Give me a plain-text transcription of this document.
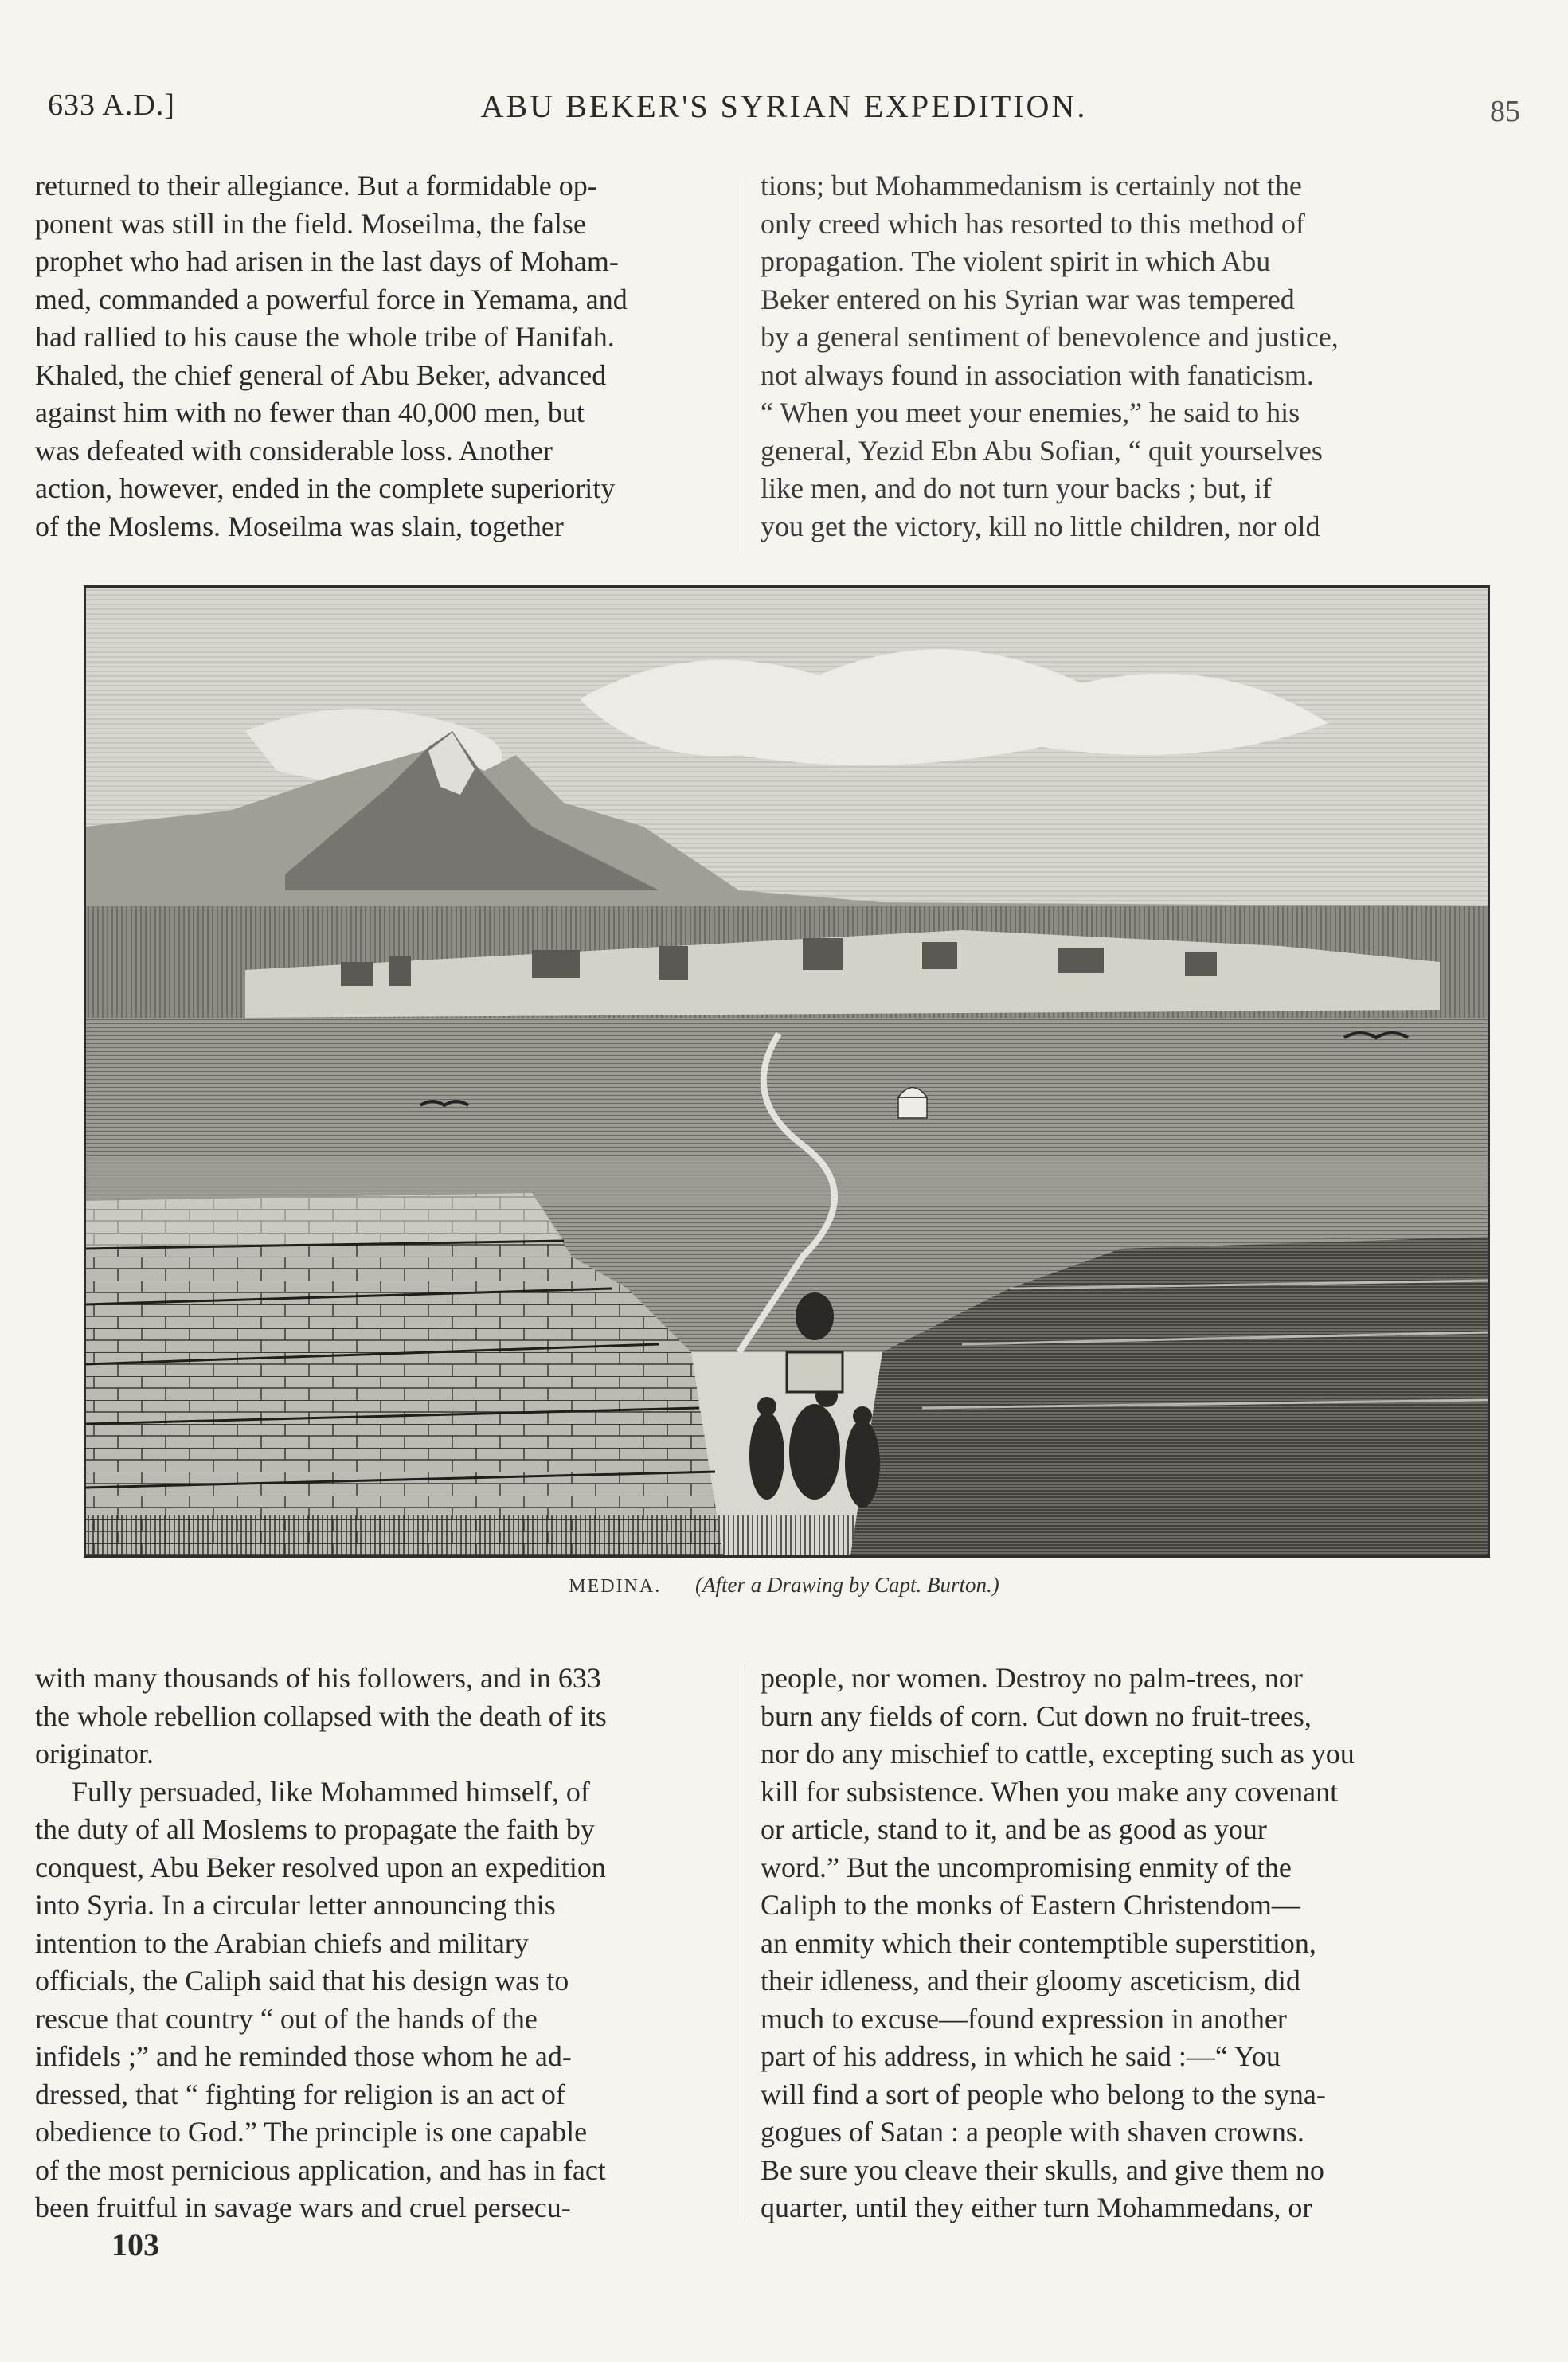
633 A.D.]	ABU BEKER'S SYRIAN EXPEDITION.	85
returned to their allegiance. But a formidable op-
ponent was still in the field. Moseilma, the false
prophet who had arisen in the last days of Moham-
med, commanded a powerful force in Yemama, and
had rallied to his cause the whole tribe of Hanifah.
Khaled, the chief general of Abu Beker, advanced
against him with no fewer than 40,000 men, but
was defeated with considerable loss. Another
action, however, ended in the complete superiority
of the Moslems. Moseilma was slain, together
tions; but Mohammedanism is certainly not the
only creed which has resorted to this method of
propagation. The violent spirit in which Abu
Beker entered on his Syrian war was tempered
by a general sentiment of benevolence and justice,
not always found in association with fanaticism.
“ When you meet your enemies,” he said to his
general, Yezid Ebn Abu Sofian, “ quit yourselves
like men, and do not turn your backs ; but, if
you get the victory, kill no little children, nor old
MEDINA. (After a Drawing by Capt. Burton.)
with many thousands of his followers, and in 633
the whole rebellion collapsed with the death of its
originator.
Fully persuaded, like Mohammed himself, of
the duty of all Moslems to propagate the faith by
conquest, Abu Beker resolved upon an expedition
into Syria. In a circular letter announcing this
intention to the Arabian chiefs and military
officials, the Caliph said that his design was to
rescue that country “ out of the hands of the
infidels ;” and he reminded those whom he ad-
dressed, that “ fighting for religion is an act of
obedience to God.” The principle is one capable
of the most pernicious application, and has in fact
been fruitful in savage wars and cruel persecu-
people, nor women. Destroy no palm-trees, nor
burn any fields of corn. Cut down no fruit-trees,
nor do any mischief to cattle, excepting such as you
kill for subsistence. When you make any covenant
or article, stand to it, and be as good as your
word.” But the uncompromising enmity of the
Caliph to the monks of Eastern Christendom—
an enmity which their contemptible superstition,
their idleness, and their gloomy asceticism, did
much to excuse—found expression in another
part of his address, in which he said :—“ You
will find a sort of people who belong to the syna-
gogues of Satan : a people with shaven crowns.
Be sure you cleave their skulls, and give them no
quarter, until they either turn Mohammedans, or
103
